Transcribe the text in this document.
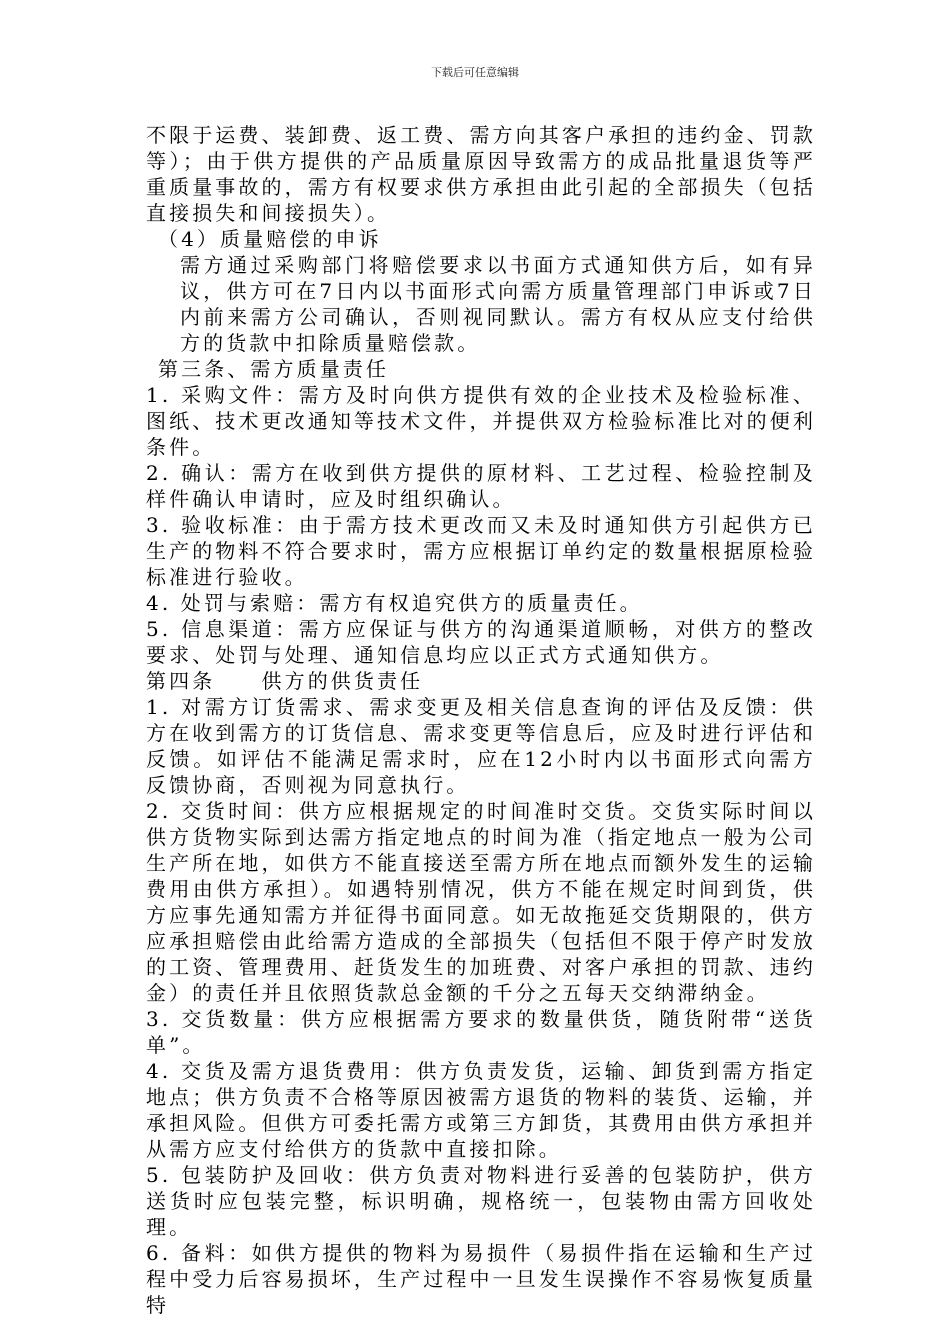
下载后可任意编辑

不限于运费、装卸费、返工费、需方向其客户承担的违约金、罚款等）；由于供方提供的产品质量原因导致需方的成品批量退货等严重质量事故的，需方有权要求供方承担由此引起的全部损失（包括直接损失和间接损失）。

（4）质量赔偿的申诉

需方通过采购部门将赔偿要求以书面方式通知供方后，如有异议，供方可在7日内以书面形式向需方质量管理部门申诉或7日内前来需方公司确认，否则视同默认。需方有权从应支付给供方的货款中扣除质量赔偿款。

第三条、需方质量责任

1. 采购文件：需方及时向供方提供有效的企业技术及检验标准、图纸、技术更改通知等技术文件，并提供双方检验标准比对的便利条件。

2. 确认：需方在收到供方提供的原材料、工艺过程、检验控制及样件确认申请时，应及时组织确认。

3. 验收标准：由于需方技术更改而又未及时通知供方引起供方已生产的物料不符合要求时，需方应根据订单约定的数量根据原检验标准进行验收。

4. 处罚与索赔：需方有权追究供方的质量责任。

5. 信息渠道：需方应保证与供方的沟通渠道顺畅，对供方的整改要求、处罚与处理、通知信息均应以正式方式通知供方。

第四条　　供方的供货责任

1. 对需方订货需求、需求变更及相关信息查询的评估及反馈：供方在收到需方的订货信息、需求变更等信息后，应及时进行评估和反馈。如评估不能满足需求时，应在12小时内以书面形式向需方反馈协商，否则视为同意执行。

2. 交货时间：供方应根据规定的时间准时交货。交货实际时间以供方货物实际到达需方指定地点的时间为准（指定地点一般为公司生产所在地，如供方不能直接送至需方所在地点而额外发生的运输费用由供方承担）。如遇特别情况，供方不能在规定时间到货，供方应事先通知需方并征得书面同意。如无故拖延交货期限的，供方应承担赔偿由此给需方造成的全部损失（包括但不限于停产时发放的工资、管理费用、赶货发生的加班费、对客户承担的罚款、违约金）的责任并且依照货款总金额的千分之五每天交纳滞纳金。

3. 交货数量：供方应根据需方要求的数量供货，随货附带“送货单”。

4. 交货及需方退货费用：供方负责发货，运输、卸货到需方指定地点；供方负责不合格等原因被需方退货的物料的装货、运输，并承担风险。但供方可委托需方或第三方卸货，其费用由供方承担并从需方应支付给供方的货款中直接扣除。

5. 包装防护及回收：供方负责对物料进行妥善的包装防护，供方送货时应包装完整，标识明确，规格统一，包装物由需方回收处理。

6. 备料：如供方提供的物料为易损件（易损件指在运输和生产过程中受力后容易损坏，生产过程中一旦发生误操作不容易恢复质量特
